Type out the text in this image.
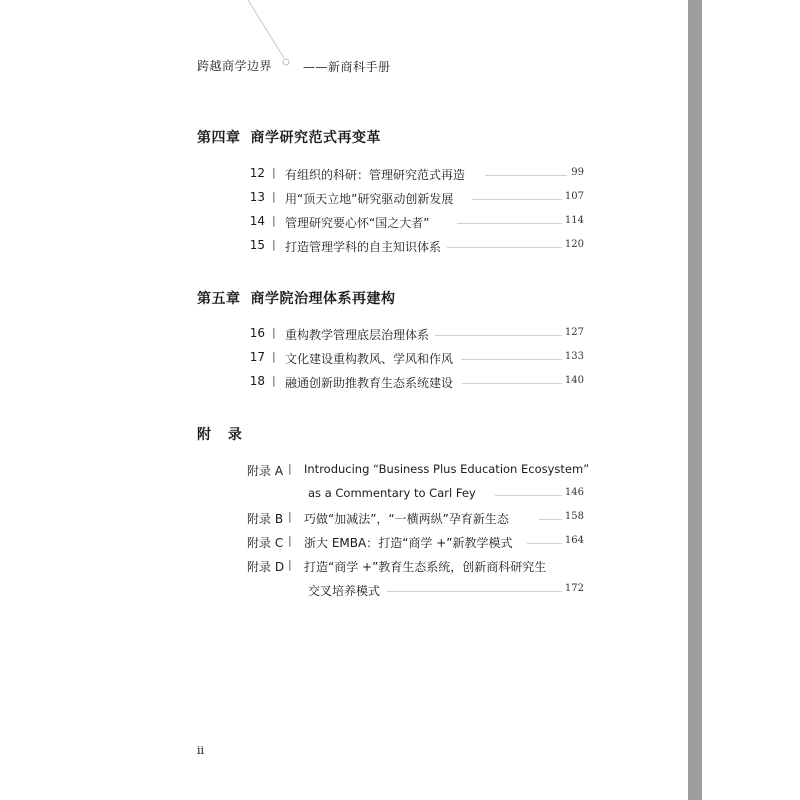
跨越商学边界	——新商科手册
第四章 商学研究范式再变革
12 | 有组织的科研：管理研究范式再造	99
13 | 用“顶天立地”研究驱动创新发展	107
14 | 管理研究要心怀“国之大者”	114
15 | 打造管理学科的自主知识体系	120
第五章 商学院治理体系再建构
16 | 重构教学管理底层治理体系	127
17 | 文化建设重构教风、学风和作风	133
18 | 融通创新助推教育生态系统建设	140
附 录
附录 A | Introducing “Business Plus Education Ecosystem”
as a Commentary to Carl Fey	146
附录 B | 巧做“加减法”，“一横两纵”孕育新生态	158
附录 C | 浙大 EMBA：打造“商学 +”新教学模式	164
附录 D | 打造“商学 +”教育生态系统，创新商科研究生
交叉培养模式	172
ii
